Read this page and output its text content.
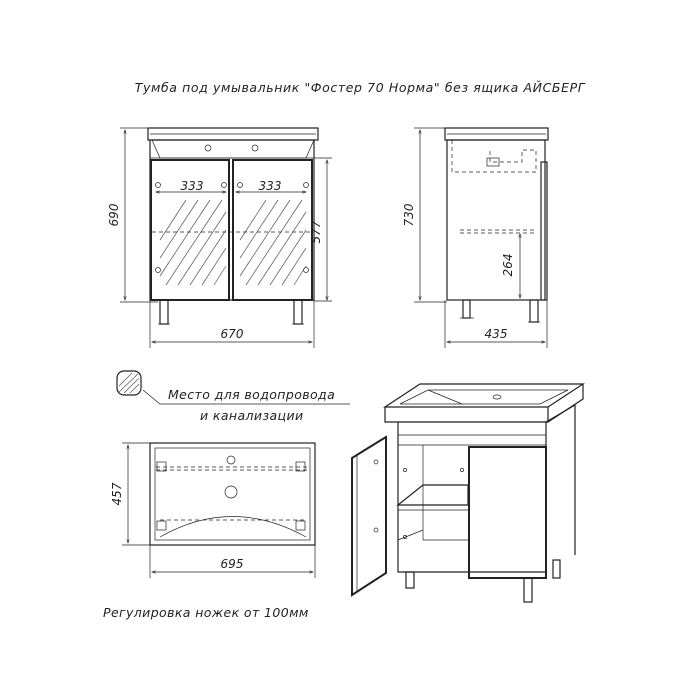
Тумба под умывальник "Фостер 70 Норма" без ящика АЙСБЕРГ
333	333
690
577
670
730
264
435
Место для водопровода
и канализации
457
695
Регулировка ножек от 100мм
